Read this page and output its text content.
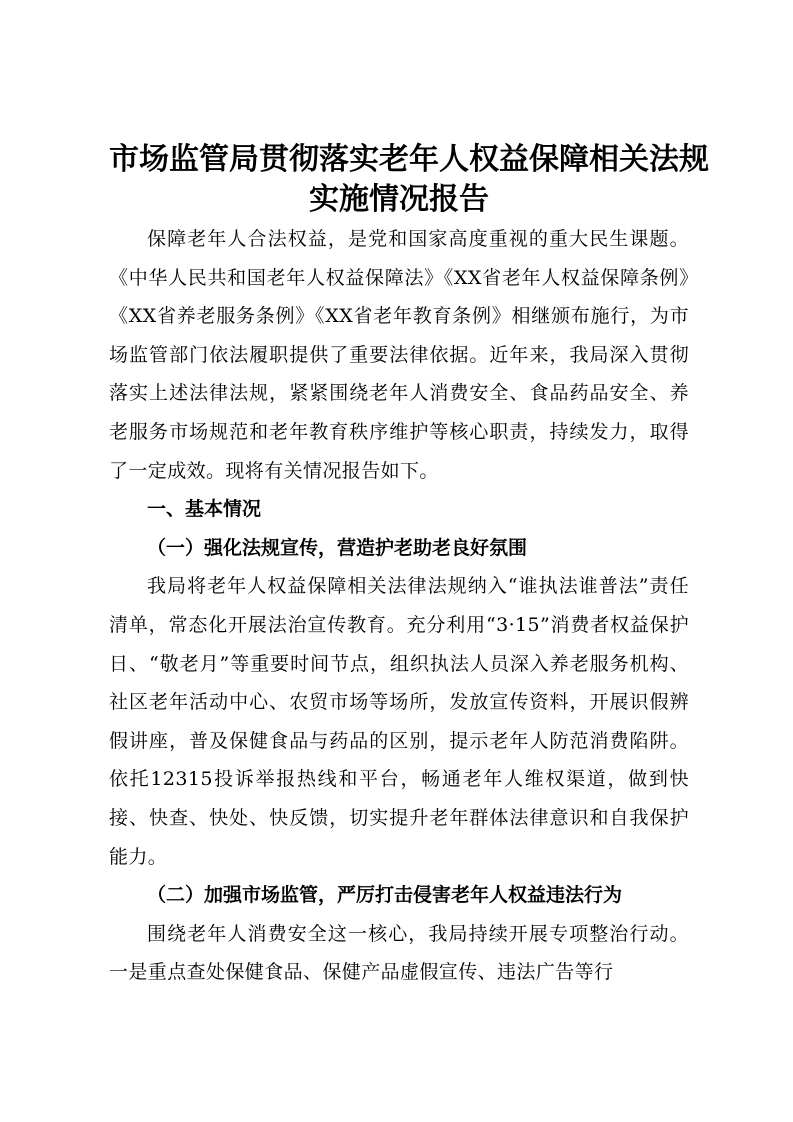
市场监管局贯彻落实老年人权益保障相关法规
实施情况报告

保障老年人合法权益，是党和国家高度重视的重大民生课题。《中华人民共和国老年人权益保障法》《XX省老年人权益保障条例》《XX省养老服务条例》《XX省老年教育条例》相继颁布施行，为市场监管部门依法履职提供了重要法律依据。近年来，我局深入贯彻落实上述法律法规，紧紧围绕老年人消费安全、食品药品安全、养老服务市场规范和老年教育秩序维护等核心职责，持续发力，取得了一定成效。现将有关情况报告如下。

一、基本情况

（一）强化法规宣传，营造护老助老良好氛围

我局将老年人权益保障相关法律法规纳入“谁执法谁普法”责任清单，常态化开展法治宣传教育。充分利用“3·15”消费者权益保护日、“敬老月”等重要时间节点，组织执法人员深入养老服务机构、社区老年活动中心、农贸市场等场所，发放宣传资料，开展识假辨假讲座，普及保健食品与药品的区别，提示老年人防范消费陷阱。依托12315投诉举报热线和平台，畅通老年人维权渠道，做到快接、快查、快处、快反馈，切实提升老年群体法律意识和自我保护能力。

（二）加强市场监管，严厉打击侵害老年人权益违法行为

围绕老年人消费安全这一核心，我局持续开展专项整治行动。一是重点查处保健食品、保健产品虚假宣传、违法广告等行
